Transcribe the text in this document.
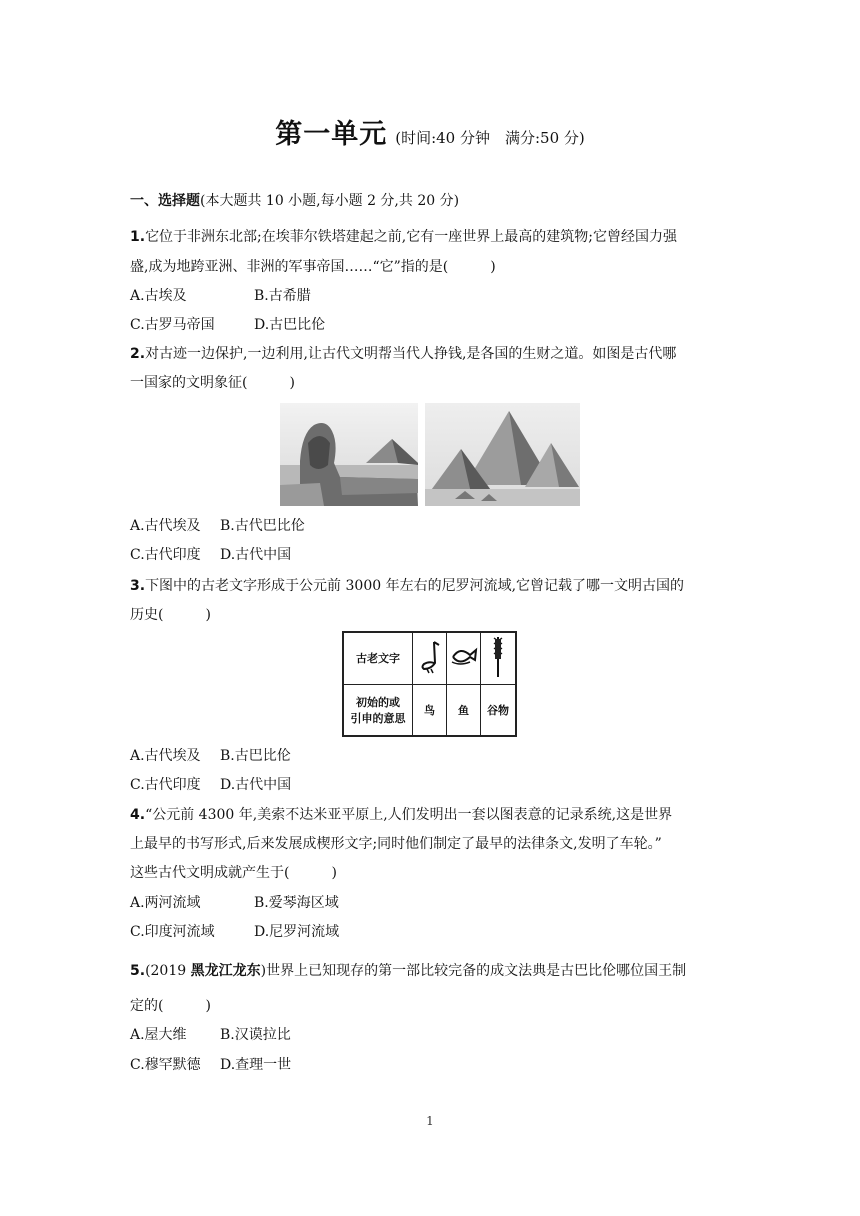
第一单元 (时间:40 分钟　满分:50 分)
一、选择题(本大题共 10 小题,每小题 2 分,共 20 分)
1.它位于非洲东北部;在埃菲尔铁塔建起之前,它有一座世界上最高的建筑物;它曾经国力强
盛,成为地跨亚洲、非洲的军事帝国……“它”指的是(　　　)
A.古埃及	B.古希腊
C.古罗马帝国	D.古巴比伦
2.对古迹一边保护,一边利用,让古代文明帮当代人挣钱,是各国的生财之道。如图是古代哪
一国家的文明象征(　　　)
A.古代埃及 B.古代巴比伦
C.古代印度 D.古代中国
3.下图中的古老文字形成于公元前 3000 年左右的尼罗河流域,它曾记载了哪一文明古国的
历史(　　　)
古老文字			

初始的或
引申的意思	鸟	鱼	谷物
A.古代埃及 B.古巴比伦
C.古代印度 D.古代中国
4.“公元前 4300 年,美索不达米亚平原上,人们发明出一套以图表意的记录系统,这是世界
上最早的书写形式,后来发展成楔形文字;同时他们制定了最早的法律条文,发明了车轮。”
这些古代文明成就产生于(　　　)
A.两河流域	B.爱琴海区域
C.印度河流域	D.尼罗河流域
5.(2019 黑龙江龙东)世界上已知现存的第一部比较完备的成文法典是古巴比伦哪位国王制
定的(　　　)
A.屋大维 B.汉谟拉比
C.穆罕默德 D.查理一世
1
